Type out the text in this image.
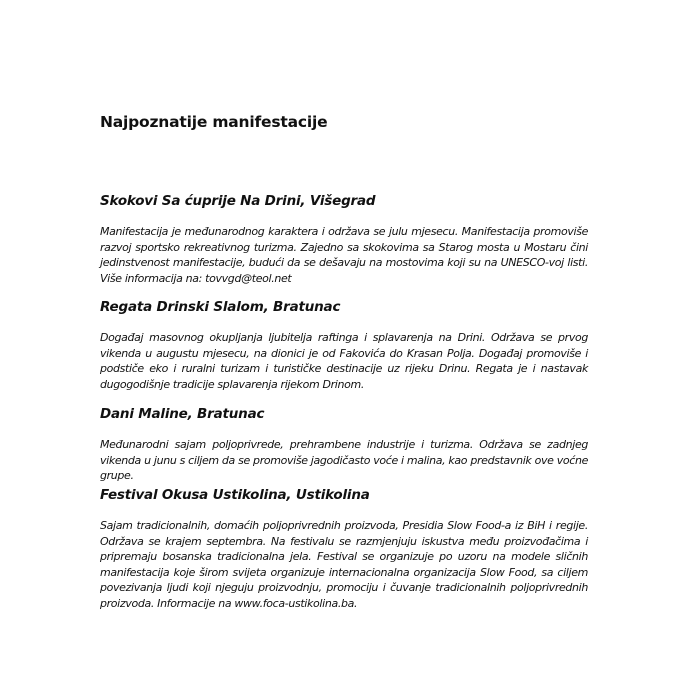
Najpoznatije manifestacije

Skokovi Sa ćuprije Na Drini, Višegrad

Manifestacija je međunarodnog karaktera i održava se julu mjesecu. Manifestacija promoviše razvoj sportsko rekreativnog turizma. Zajedno sa skokovima sa Starog mosta u Mostaru čini jedinstvenost manifestacije, budući da se dešavaju na mostovima koji su na UNESCO-voj listi. Više informacija na: tovvgd@teol.net

Regata Drinski Slalom, Bratunac

Događaj masovnog okupljanja ljubitelja raftinga i splavarenja na Drini. Održava se prvog vikenda u augustu mjesecu, na dionici je od Fakovića do Krasan Polja. Događaj promoviše i podstiče eko i ruralni turizam i turističke destinacije uz rijeku Drinu. Regata je i nastavak dugogodišnje tradicije splavarenja rijekom Drinom.

Dani Maline, Bratunac

Međunarodni sajam poljoprivrede, prehrambene industrije i turizma. Održava se zadnjeg vikenda u junu s ciljem da se promoviše jagodičasto voće i malina, kao predstavnik ove voćne grupe.

Festival Okusa Ustikolina, Ustikolina

Sajam tradicionalnih, domaćih poljoprivrednih proizvoda, Presidia Slow Food-a iz BiH i regije. Održava se krajem septembra. Na festivalu se razmjenjuju iskustva među proizvođačima i pripremaju bosanska tradicionalna jela. Festival se organizuje po uzoru na modele sličnih manifestacija koje širom svijeta organizuje internacionalna organizacija Slow Food, sa ciljem povezivanja ljudi koji njeguju proizvodnju, promociju i čuvanje tradicionalnih poljoprivrednih proizvoda. Informacije na www.foca-ustikolina.ba.
